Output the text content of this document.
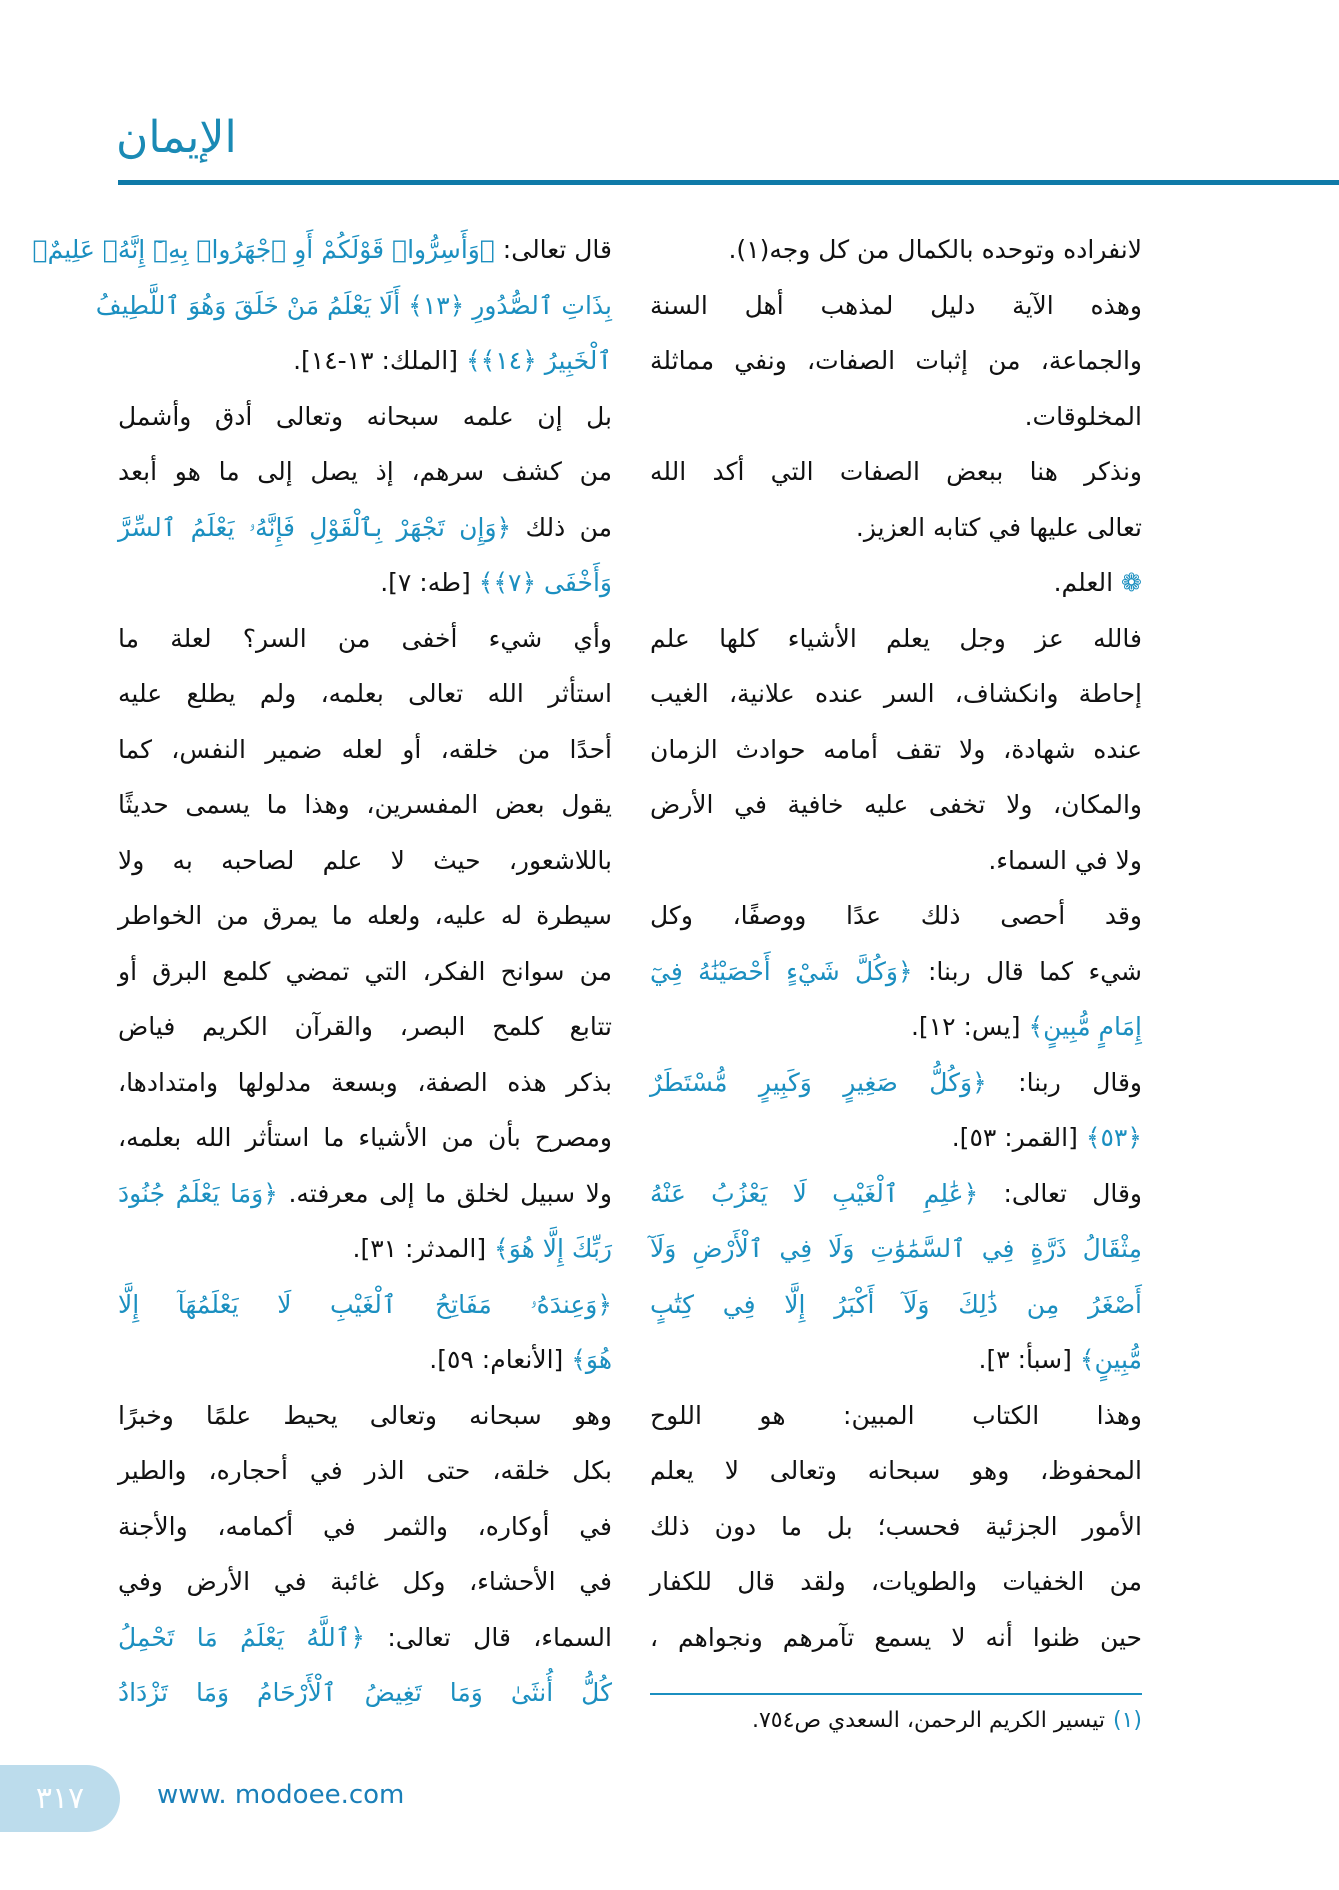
الإيمان
لانفراده وتوحده بالكمال من كل وجه(١).
وهذه الآية دليل لمذهب أهل السنة
والجماعة، من إثبات الصفات، ونفي مماثلة
المخلوقات.
ونذكر هنا ببعض الصفات التي أكد الله
تعالى عليها في كتابه العزيز.
❁ العلم.
فالله عز وجل يعلم الأشياء كلها علم
إحاطة وانكشاف، السر عنده علانية، الغيب
عنده شهادة، ولا تقف أمامه حوادث الزمان
والمكان، ولا تخفى عليه خافية في الأرض
ولا في السماء.
وقد أحصى ذلك عدًا ووصفًا، وكل
شيء كما قال ربنا: ﴿وَكُلَّ شَيْءٍ أَحْصَيْنَٰهُ فِيٓ
إِمَامٍ مُّبِينٍ﴾ [يس: ١٢].
وقال ربنا: ﴿وَكُلُّ صَغِيرٍ وَكَبِيرٍ مُّسْتَطَرٌ
﴿٥٣﴾ [القمر: ٥٣].
وقال تعالى: ﴿عَٰلِمِ ٱلْغَيْبِ لَا يَعْزُبُ عَنْهُ
مِثْقَالُ ذَرَّةٍ فِي ٱلسَّمَٰوَٰتِ وَلَا فِي ٱلْأَرْضِ وَلَآ
أَصْغَرُ مِن ذَٰلِكَ وَلَآ أَكْبَرُ إِلَّا فِي كِتَٰبٍ
مُّبِينٍ﴾ [سبأ: ٣].
وهذا الكتاب المبين: هو اللوح
المحفوظ، وهو سبحانه وتعالى لا يعلم
الأمور الجزئية فحسب؛ بل ما دون ذلك
من الخفيات والطويات، ولقد قال للكفار
حين ظنوا أنه لا يسمع تآمرهم ونجواهم ،
قال تعالى: ﴿وَأَسِرُّوا۟ قَوْلَكُمْ أَوِ ٱجْهَرُوا۟ بِهِۦٓ إِنَّهُۥ عَلِيمٌۢ
بِذَاتِ ٱلصُّدُورِ ﴿١٣﴾ أَلَا يَعْلَمُ مَنْ خَلَقَ وَهُوَ ٱللَّطِيفُ
ٱلْخَبِيرُ ﴿١٤﴾﴾ [الملك: ١٣-١٤].
بل إن علمه سبحانه وتعالى أدق وأشمل
من كشف سرهم، إذ يصل إلى ما هو أبعد
من ذلك ﴿وَإِن تَجْهَرْ بِٱلْقَوْلِ فَإِنَّهُۥ يَعْلَمُ ٱلسِّرَّ
وَأَخْفَى ﴿٧﴾﴾ [طه: ٧].
وأي شيء أخفى من السر؟ لعلة ما
استأثر الله تعالى بعلمه، ولم يطلع عليه
أحدًا من خلقه، أو لعله ضمير النفس، كما
يقول بعض المفسرين، وهذا ما يسمى حديثًا
باللاشعور، حيث لا علم لصاحبه به ولا
سيطرة له عليه، ولعله ما يمرق من الخواطر
من سوانح الفكر، التي تمضي كلمع البرق أو
تتابع كلمح البصر، والقرآن الكريم فياض
بذكر هذه الصفة، وبسعة مدلولها وامتدادها،
ومصرح بأن من الأشياء ما استأثر الله بعلمه،
ولا سبيل لخلق ما إلى معرفته. ﴿وَمَا يَعْلَمُ جُنُودَ
رَبِّكَ إِلَّا هُوَ﴾ [المدثر: ٣١].
﴿وَعِندَهُۥ مَفَاتِحُ ٱلْغَيْبِ لَا يَعْلَمُهَآ إِلَّا
هُوَ﴾ [الأنعام: ٥٩].
وهو سبحانه وتعالى يحيط علمًا وخبرًا
بكل خلقه، حتى الذر في أحجاره، والطير
في أوكاره، والثمر في أكمامه، والأجنة
في الأحشاء، وكل غائبة في الأرض وفي
السماء، قال تعالى: ﴿ٱللَّهُ يَعْلَمُ مَا تَحْمِلُ
كُلُّ أُنثَىٰ وَمَا تَغِيضُ ٱلْأَرْحَامُ وَمَا تَزْدَادُ
(١)تيسير الكريم الرحمن، السعدي ص٧٥٤.
٣١٧	www. modoee.com
